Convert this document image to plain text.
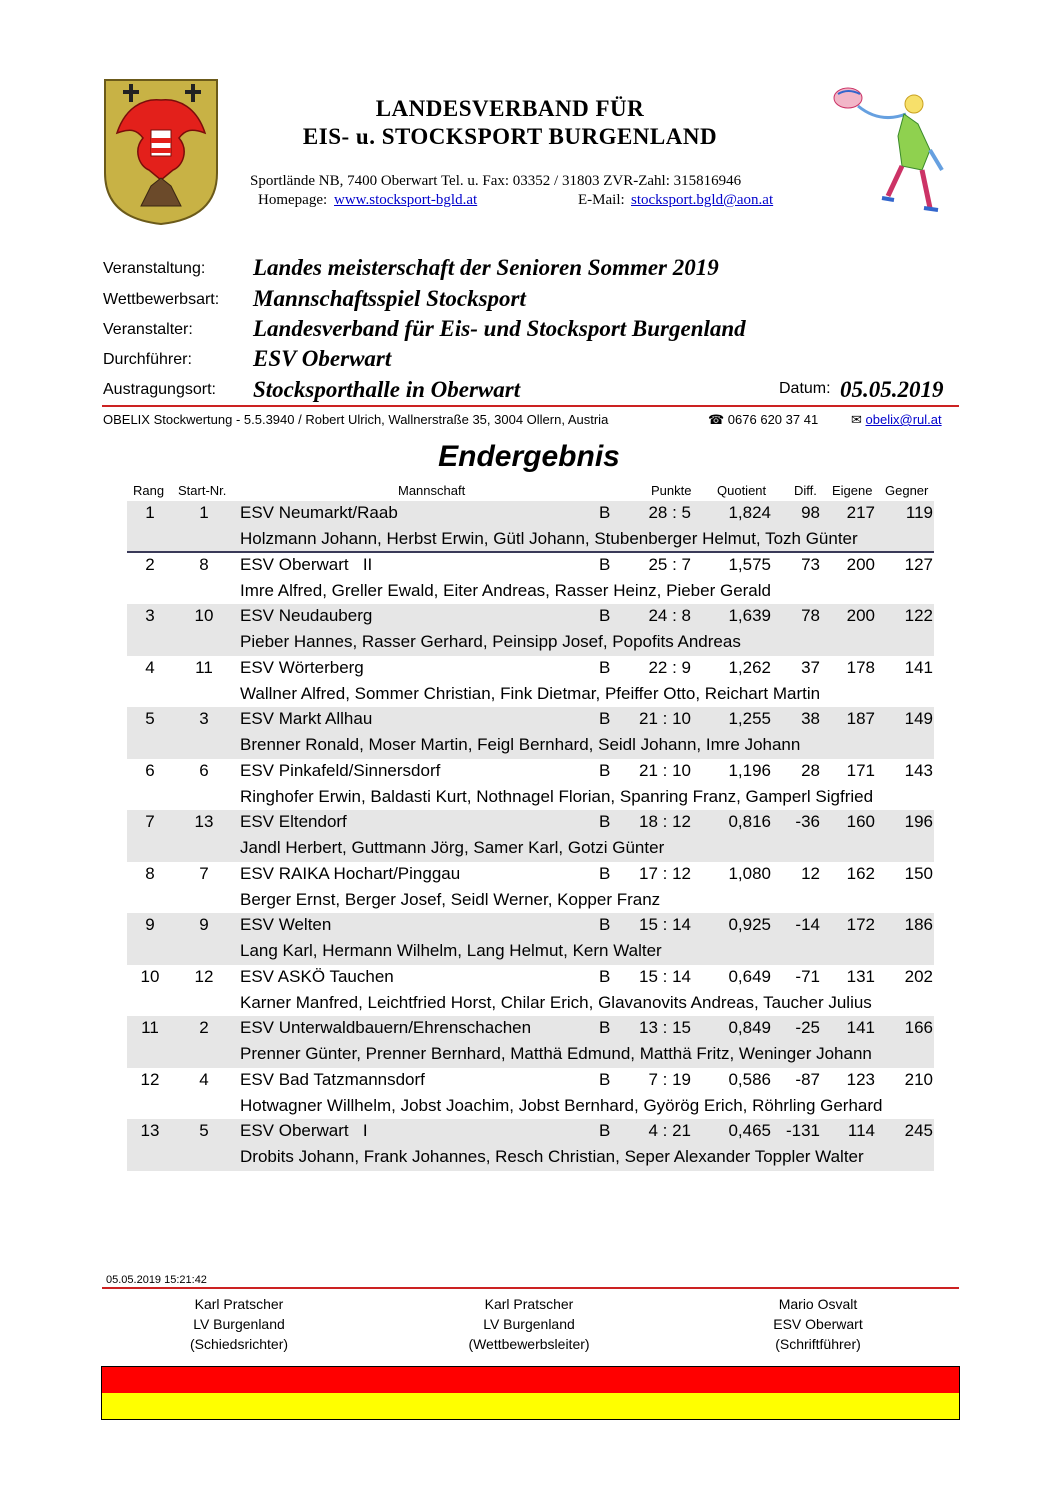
LANDESVERBAND FÜR
EIS- u. STOCKSPORT BURGENLAND
Sportlände NB, 7400 Oberwart Tel. u. Fax: 03352 / 31803 ZVR-Zahl: 315816946
Homepage: www.stocksport-bgld.at	E-Mail: stocksport.bgld@aon.at
Veranstaltung: Landes meisterschaft der Senioren Sommer 2019
Wettbewerbsart: Mannschaftsspiel Stocksport
Veranstalter:	Landesverband für Eis- und Stocksport Burgenland
Durchführer:	ESV Oberwart
Austragungsort: Stocksporthalle in Oberwart	Datum: 05.05.2019
OBELIX Stockwertung - 5.5.3940 / Robert Ulrich, Wallnerstraße 35, 3004 Ollern, Austria	☎ 0676 620 37 41	✉ obelix@rul.at
Endergebnis
Rang Start-Nr.	Mannschaft	Punkte Quotient Diff. Eigene Gegner
1	1	ESV Neumarkt/Raab	B	28 : 5	1,824	98	217	119
Holzmann Johann, Herbst Erwin, Gütl Johann, Stubenberger Helmut, Tozh Günter
2	8	ESV Oberwart   II	B	25 : 7	1,575	73	200	127
Imre Alfred, Greller Ewald, Eiter Andreas, Rasser Heinz, Pieber Gerald
3	10	ESV Neudauberg	B	24 : 8	1,639	78	200	122
Pieber Hannes, Rasser Gerhard, Peinsipp Josef, Popofits Andreas
4	11	ESV Wörterberg	B	22 : 9	1,262	37	178	141
Wallner Alfred, Sommer Christian, Fink Dietmar, Pfeiffer Otto, Reichart Martin
5	3	ESV Markt Allhau	B 21 : 10	1,255	38	187	149
Brenner Ronald, Moser Martin, Feigl Bernhard, Seidl Johann, Imre Johann
6	6	ESV Pinkafeld/Sinnersdorf	B 21 : 10	1,196	28	171	143
Ringhofer Erwin, Baldasti Kurt, Nothnagel Florian, Spanring Franz, Gamperl Sigfried
7	13	ESV Eltendorf	B 18 : 12	0,816	-36	160	196
Jandl Herbert, Guttmann Jörg, Samer Karl, Gotzi Günter
8	7	ESV RAIKA Hochart/Pinggau	B 17 : 12	1,080	12	162	150
Berger Ernst, Berger Josef, Seidl Werner, Kopper Franz
9	9	ESV Welten	B 15 : 14	0,925	-14	172	186
Lang Karl, Hermann Wilhelm, Lang Helmut, Kern Walter
10	12	ESV ASKÖ Tauchen	B 15 : 14	0,649	-71	131	202
Karner Manfred, Leichtfried Horst, Chilar Erich, Glavanovits Andreas, Taucher Julius
11	2	ESV Unterwaldbauern/Ehrenschachen	B 13 : 15	0,849	-25	141	166
Prenner Günter, Prenner Bernhard, Matthä Edmund, Matthä Fritz, Weninger Johann
12	4	ESV Bad Tatzmannsdorf	B	7 : 19	0,586	-87	123	210
Hotwagner Willhelm, Jobst Joachim, Jobst Bernhard, Györög Erich, Röhrling Gerhard
13	5	ESV Oberwart   I	B	4 : 21	0,465 -131	114	245
Drobits Johann, Frank Johannes, Resch Christian, Seper Alexander Toppler Walter
05.05.2019 15:21:42
Karl Pratscher
LV Burgenland
(Schiedsrichter)
Karl Pratscher
LV Burgenland
(Wettbewerbsleiter)
Mario Osvalt
ESV Oberwart
(Schriftführer)
